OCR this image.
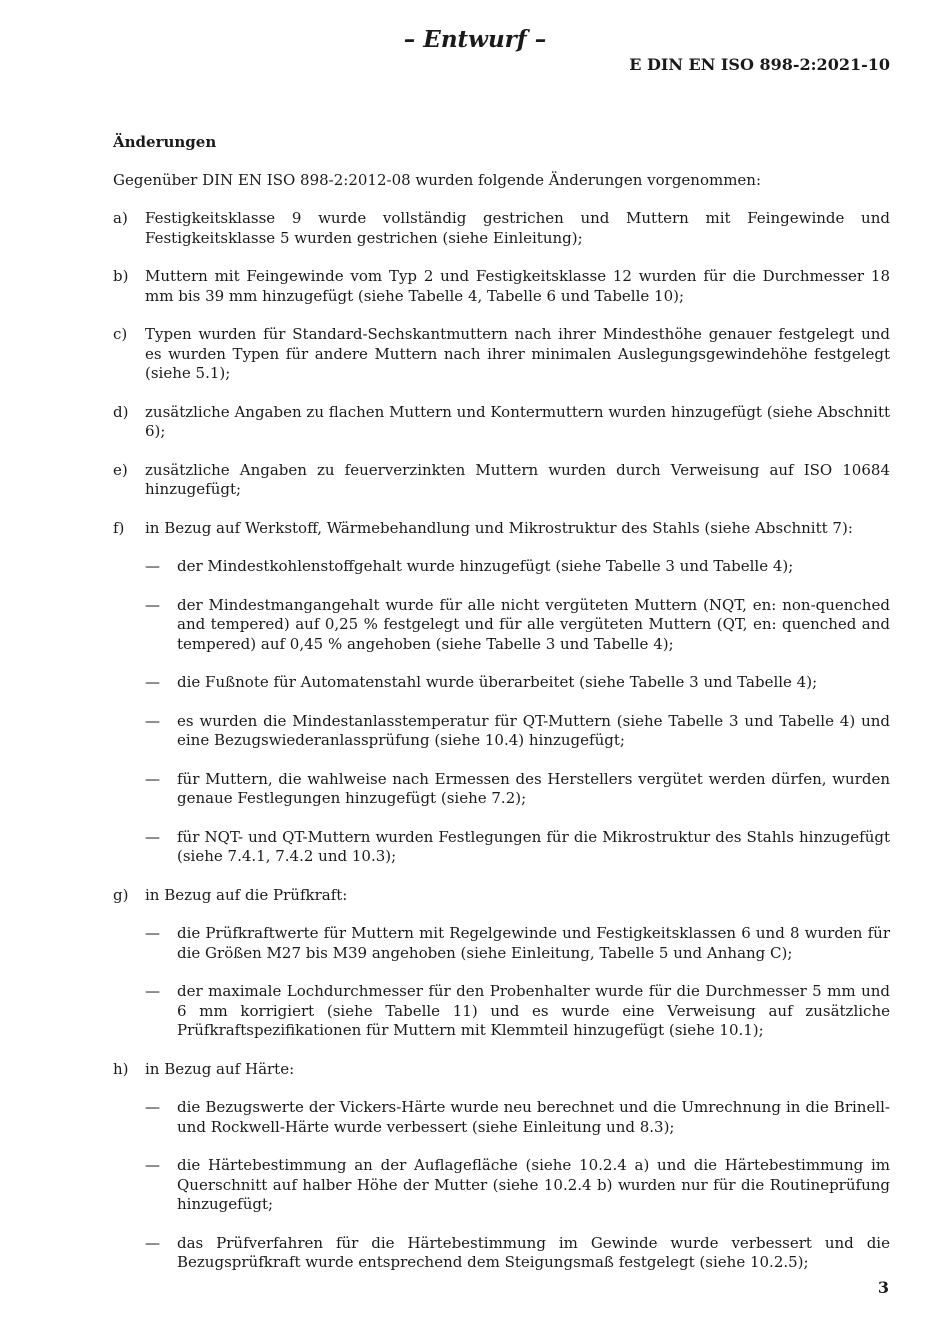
– Entwurf –
E DIN EN ISO 898-2:2021-10
Änderungen
Gegenüber DIN EN ISO 898-2:2012-08 wurden folgende Änderungen vorgenommen:
a)	Festigkeitsklasse 9 wurde vollständig gestrichen und Muttern mit Feingewinde und Festigkeitsklasse 5 wurden gestrichen (siehe Einleitung);
b)	Muttern mit Feingewinde vom Typ 2 und Festigkeitsklasse 12 wurden für die Durchmesser 18 mm bis 39 mm hinzugefügt (siehe Tabelle 4, Tabelle 6 und Tabelle 10);
c)	Typen wurden für Standard-Sechskantmuttern nach ihrer Mindesthöhe genauer festgelegt und es wurden Typen für andere Muttern nach ihrer minimalen Auslegungsgewindehöhe festgelegt (siehe 5.1);
d)	zusätzliche Angaben zu flachen Muttern und Kontermuttern wurden hinzugefügt (siehe Abschnitt 6);
e)	zusätzliche Angaben zu feuerverzinkten Muttern wurden durch Verweisung auf ISO 10684 hinzugefügt;
f)	in Bezug auf Werkstoff, Wärmebehandlung und Mikrostruktur des Stahls (siehe Abschnitt 7):
—	der Mindestkohlenstoffgehalt wurde hinzugefügt (siehe Tabelle 3 und Tabelle 4);
—	der Mindestmangangehalt wurde für alle nicht vergüteten Muttern (NQT, en: non-quenched and tempered) auf 0,25 % festgelegt und für alle vergüteten Muttern (QT, en: quenched and tempered) auf 0,45 % angehoben (siehe Tabelle 3 und Tabelle 4);
—	die Fußnote für Automatenstahl wurde überarbeitet (siehe Tabelle 3 und Tabelle 4);
—	es wurden die Mindestanlasstemperatur für QT-Muttern (siehe Tabelle 3 und Tabelle 4) und eine Bezugswiederanlassprüfung (siehe 10.4) hinzugefügt;
—	für Muttern, die wahlweise nach Ermessen des Herstellers vergütet werden dürfen, wurden genaue Festlegungen hinzugefügt (siehe 7.2);
—	für NQT- und QT-Muttern wurden Festlegungen für die Mikrostruktur des Stahls hinzugefügt (siehe 7.4.1, 7.4.2 und 10.3);
g)	in Bezug auf die Prüfkraft:
—	die Prüfkraftwerte für Muttern mit Regelgewinde und Festigkeitsklassen 6 und 8 wurden für die Größen M27 bis M39 angehoben (siehe Einleitung, Tabelle 5 und Anhang C);
—	der maximale Lochdurchmesser für den Probenhalter wurde für die Durchmesser 5 mm und 6 mm korrigiert (siehe Tabelle 11) und es wurde eine Verweisung auf zusätzliche Prüfkraftspezifikationen für Muttern mit Klemmteil hinzugefügt (siehe 10.1);
h)	in Bezug auf Härte:
—	die Bezugswerte der Vickers-Härte wurde neu berechnet und die Umrechnung in die Brinell- und Rockwell-Härte wurde verbessert (siehe Einleitung und 8.3);
—	die Härtebestimmung an der Auflagefläche (siehe 10.2.4 a) und die Härtebestimmung im Querschnitt auf halber Höhe der Mutter (siehe 10.2.4 b) wurden nur für die Routineprüfung hinzugefügt;
—	das Prüfverfahren für die Härtebestimmung im Gewinde wurde verbessert und die Bezugsprüfkraft wurde entsprechend dem Steigungsmaß festgelegt (siehe 10.2.5);
3
